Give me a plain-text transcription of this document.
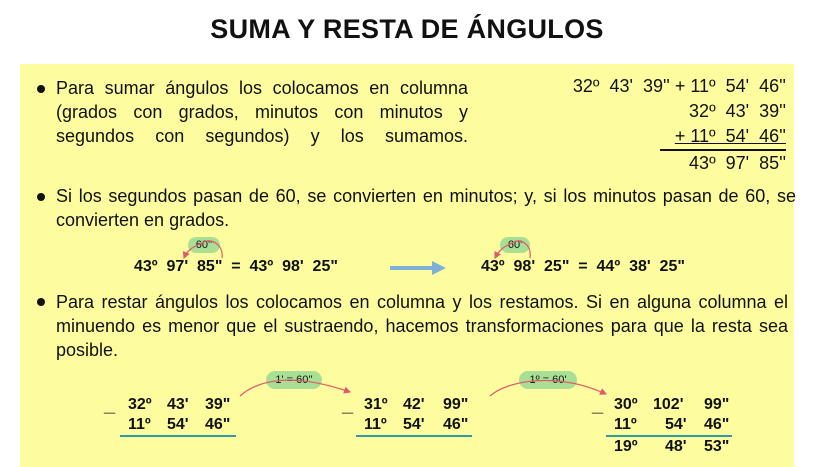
SUMA Y RESTA DE ÁNGULOS
Para sumar ángulos los colocamos en columna (grados con grados, minutos con minutos y segundos con segundos) y los sumamos.
32º  43'  39'' + 11º  54'  46''
32º  43'  39''
+ 11º  54'  46''
43º  97'  85''
Si los segundos pasan de 60, se convierten en minutos; y, si los minutos pasan de 60, se convierten en grados.
60''
43º  97'  85"  =  43º  98'  25"
60'
43º  98'  25"  =  44º  38'  25"
Para restar ángulos los colocamos en columna y los restamos. Si en alguna columna el minuendo es menor que el sustraendo, hacemos transformaciones para que la resta sea posible.
1' = 60''	1º = 60'
_ 32º 43' 39"
11º 54' 46"
_ 31º 42' 99"
11º 54' 46"
_ 30º 102' 99"
11º 54' 46"
19º 48' 53"
